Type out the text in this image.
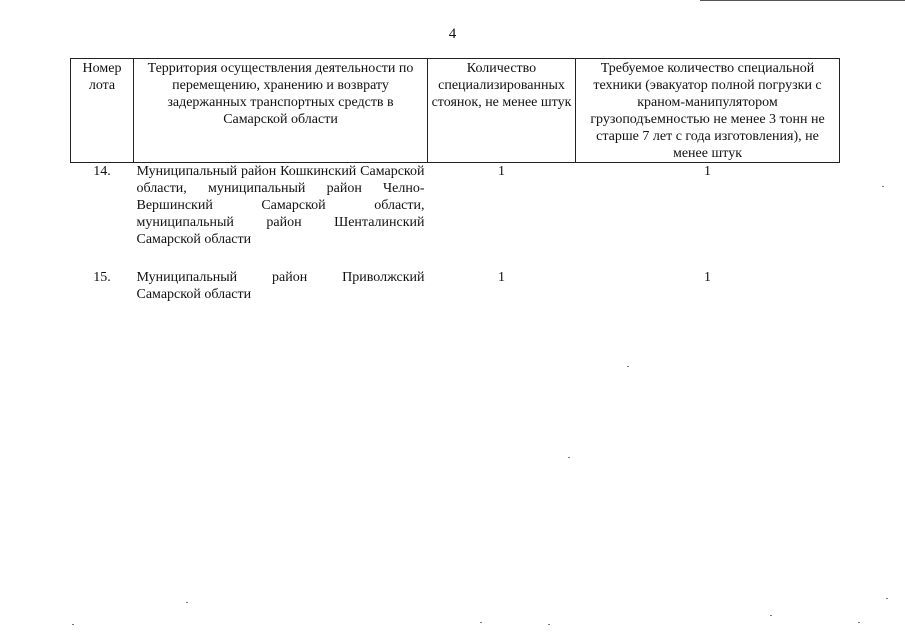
4
Номер лота	Территория осуществления деятельности по перемещению, хранению и возврату задержанных транспортных средств в Самарской области	Количество специализированных стоянок, не менее штук	Требуемое количество специальной техники (эвакуатор полной погрузки с краном-манипулятором грузоподъемностью не менее 3 тонн не старше 7 лет с года изготовления), не менее штук
14.	Муниципальный район Кошкинский Самарской области, муниципальный район Челно-Вершинский Самарской области, муниципальный район Шенталинский Самарской области	1	1
15.	Муниципальный район Приволжский Самарской области	1	1
